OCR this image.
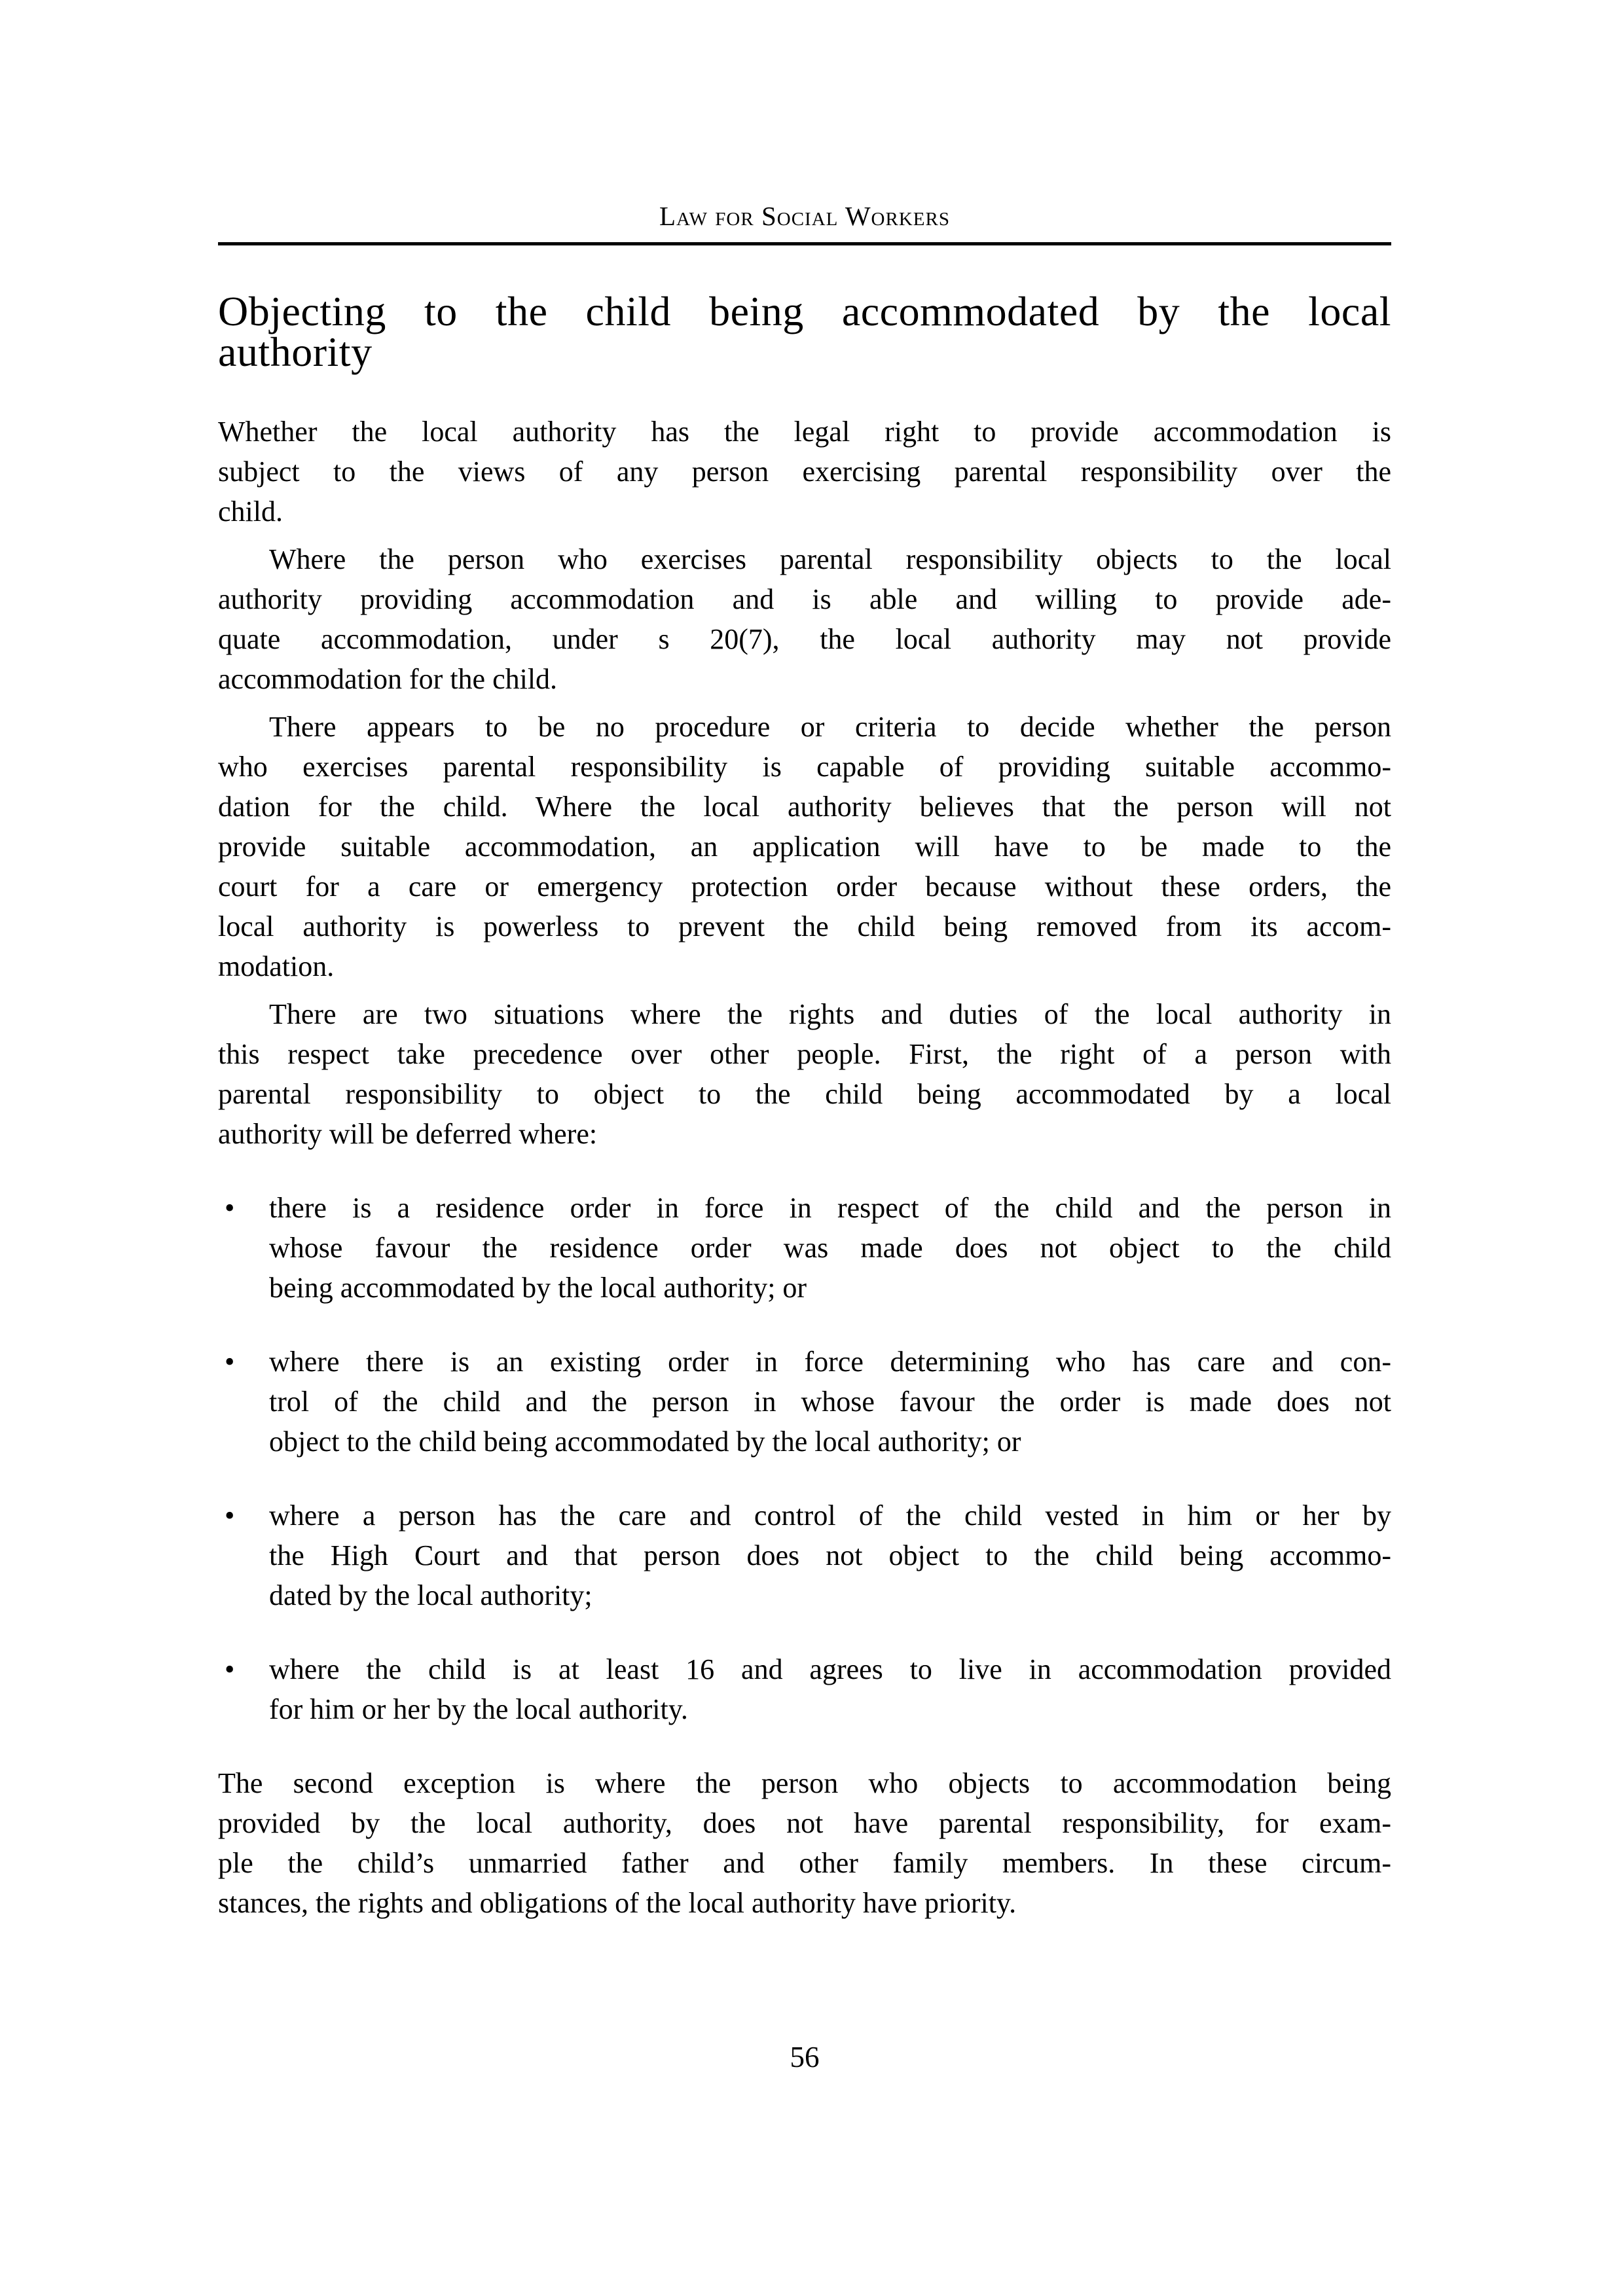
Law for Social Workers
Objecting to the child being accommodated by the local
authority
Whether the local authority has the legal right to provide accommodation is
subject to the views of any person exercising parental responsibility over the
child.
Where the person who exercises parental responsibility objects to the local
authority providing accommodation and is able and willing to provide ade-
quate accommodation, under s 20(7), the local authority may not provide
accommodation for the child.
There appears to be no procedure or criteria to decide whether the person
who exercises parental responsibility is capable of providing suitable accommo-
dation for the child. Where the local authority believes that the person will not
provide suitable accommodation, an application will have to be made to the
court for a care or emergency protection order because without these orders, the
local authority is powerless to prevent the child being removed from its accom-
modation.
There are two situations where the rights and duties of the local authority in
this respect take precedence over other people. First, the right of a person with
parental responsibility to object to the child being accommodated by a local
authority will be deferred where:
•	there is a residence order in force in respect of the child and the person in
whose favour the residence order was made does not object to the child
being accommodated by the local authority; or
•	where there is an existing order in force determining who has care and con-
trol of the child and the person in whose favour the order is made does not
object to the child being accommodated by the local authority; or
•	where a person has the care and control of the child vested in him or her by
the High Court and that person does not object to the child being accommo-
dated by the local authority;
•	where the child is at least 16 and agrees to live in accommodation provided
for him or her by the local authority.
The second exception is where the person who objects to accommodation being
provided by the local authority, does not have parental responsibility, for exam-
ple the child’s unmarried father and other family members. In these circum-
stances, the rights and obligations of the local authority have priority.
56
